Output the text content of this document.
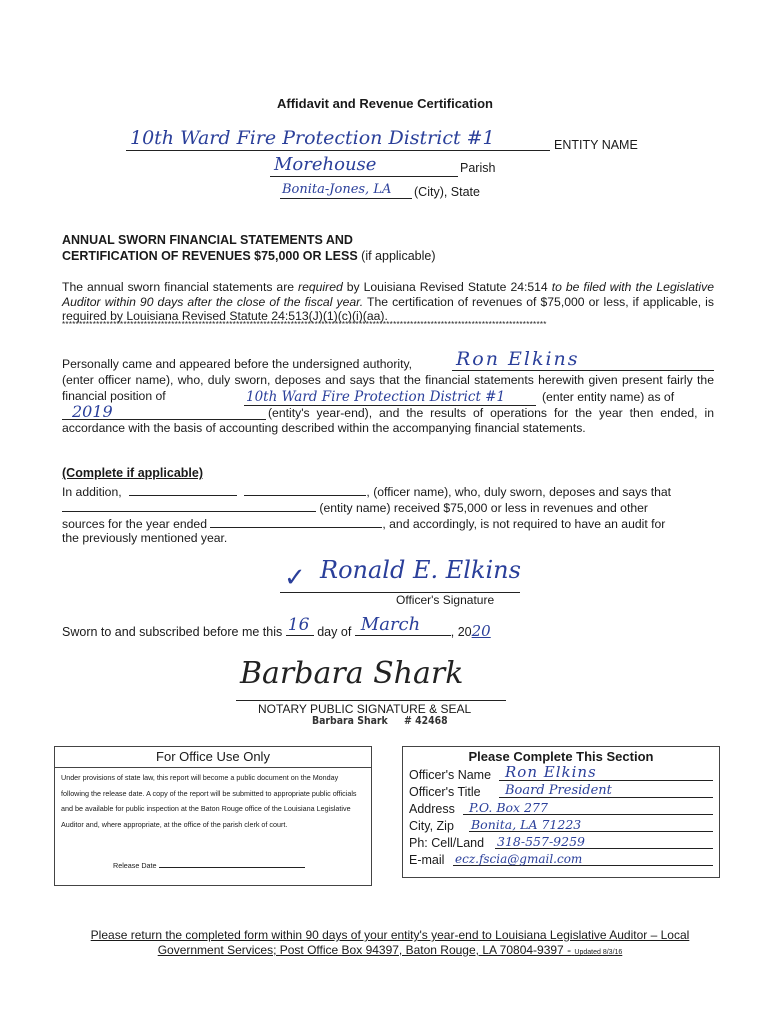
Affidavit and Revenue Certification
10th Ward Fire Protection District #1	ENTITY NAME
Morehouse	Parish
Bonita-Jones, LA (City), State
ANNUAL SWORN FINANCIAL STATEMENTS AND
CERTIFICATION OF REVENUES $75,000 OR LESS (if applicable)
The annual sworn financial statements are required by Louisiana Revised Statute 24:514 to be filed with the Legislative Auditor within 90 days after the close of the fiscal year. The certification of revenues of $75,000 or less, if applicable, is required by Louisiana Revised Statute 24:513(J)(1)(c)(i)(aa).
**********************************************************************************************************************************************
Personally came and appeared before the undersigned authority, Ron Elkins
(enter officer name), who, duly sworn, deposes and says that the financial statements herewith given present fairly the financial position of	10th Ward Fire Protection District #1	(enter entity name) as of
2019	(entity's year-end), and the results of operations for the year then ended, in accordance with the basis of accounting described within the accompanying financial statements.
(Complete if applicable)
In addition,	, (officer name), who, duly sworn, deposes and says that
(entity name) received $75,000 or less in revenues and other
sources for the year ended	, and accordingly, is not required to have an audit for
the previously mentioned year.
✓ Ronald E. Elkins
Officer's Signature
Sworn to and subscribed before me this 16 day of March , 2020
Barbara Shark
NOTARY PUBLIC SIGNATURE & SEAL
Barbara Shark # 42468
For Office Use Only
Under provisions of state law, this report will become a public document on the Monday following the release date. A copy of the report will be submitted to appropriate public officials and be available for public inspection at the Baton Rouge office of the Louisiana Legislative Auditor and, where appropriate, at the office of the parish clerk of court.
Release Date
Please Complete This Section
Officer's Name Ron Elkins
Officer's Title Board President
Address P.O. Box 277
City, Zip Bonita, LA 71223
Ph: Cell/Land 318-557-9259
E-mail ecz.fscia@gmail.com
Please return the completed form within 90 days of your entity's year-end to Louisiana Legislative Auditor – Local
Government Services; Post Office Box 94397, Baton Rouge, LA 70804-9397 - Updated 8/3/16
